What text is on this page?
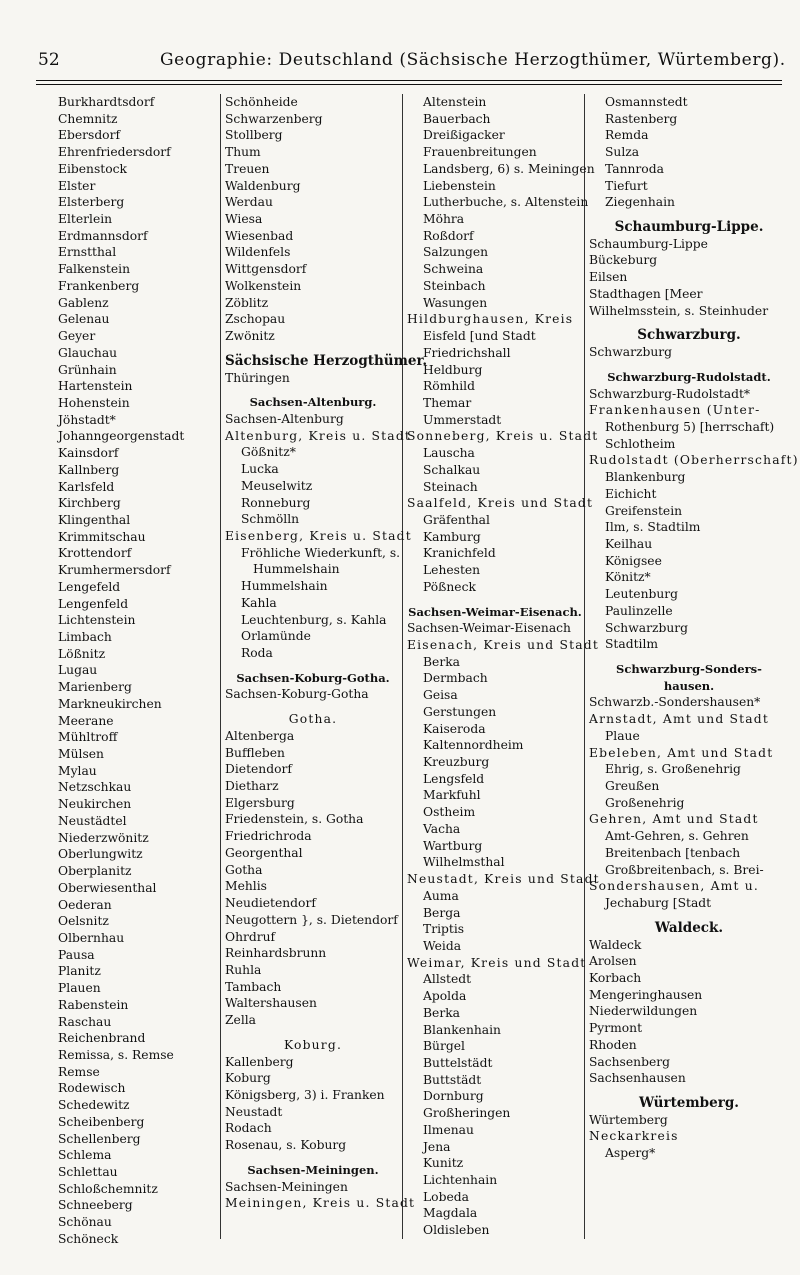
52	Geographie: Deutschland (Sächsische Herzogthümer, Würtemberg).
Burkhardtsdorf
Chemnitz
Ebersdorf
Ehrenfriedersdorf
Eibenstock
Elster
Elsterberg
Elterlein
Erdmannsdorf
Ernstthal
Falkenstein
Frankenberg
Gablenz
Gelenau
Geyer
Glauchau
Grünhain
Hartenstein
Hohenstein
Jöhstadt*
Johanngeorgenstadt
Kainsdorf
Kallnberg
Karlsfeld
Kirchberg
Klingenthal
Krimmitschau
Krottendorf
Krumhermersdorf
Lengefeld
Lengenfeld
Lichtenstein
Limbach
Lößnitz
Lugau
Marienberg
Markneukirchen
Meerane
Mühltroff
Mülsen
Mylau
Netzschkau
Neukirchen
Neustädtel
Niederzwönitz
Oberlungwitz
Oberplanitz
Oberwiesenthal
Oederan
Oelsnitz
Olbernhau
Pausa
Planitz
Plauen
Rabenstein
Raschau
Reichenbrand
Remissa, s. Remse
Remse
Rodewisch
Schedewitz
Scheibenberg
Schellenberg
Schlema
Schlettau
Schloßchemnitz
Schneeberg
Schönau
Schöneck
Schönheide
Schwarzenberg
Stollberg
Thum
Treuen
Waldenburg
Werdau
Wiesa
Wiesenbad
Wildenfels
Wittgensdorf
Wolkenstein
Zöblitz
Zschopau
Zwönitz
Sächsische Herzogthümer.
Thüringen
Sachsen-Altenburg.
Sachsen-Altenburg
Altenburg, Kreis u. Stadt
Gößnitz*
Lucka
Meuselwitz
Ronneburg
Schmölln
Eisenberg, Kreis u. Stadt
Fröhliche Wiederkunft, s.
Hummelshain
Hummelshain
Kahla
Leuchtenburg, s. Kahla
Orlamünde
Roda
Sachsen-Koburg-Gotha.
Sachsen-Koburg-Gotha
Gotha.
Altenberga
Buffleben
Dietendorf
Dietharz
Elgersburg
Friedenstein, s. Gotha
Friedrichroda
Georgenthal
Gotha
Mehlis
Neudietendorf
Neugottern }, s. Dietendorf
Ohrdruf
Reinhardsbrunn
Ruhla
Tambach
Waltershausen
Zella
Koburg.
Kallenberg
Koburg
Königsberg, 3) i. Franken
Neustadt
Rodach
Rosenau, s. Koburg
Sachsen-Meiningen.
Sachsen-Meiningen
Meiningen, Kreis u. Stadt
Altenstein
Bauerbach
Dreißigacker
Frauenbreitungen
Landsberg, 6) s. Meiningen
Liebenstein
Lutherbuche, s. Altenstein
Möhra
Roßdorf
Salzungen
Schweina
Steinbach
Wasungen
Hildburghausen, Kreis
Eisfeld [und Stadt
Friedrichshall
Heldburg
Römhild
Themar
Ummerstadt
Sonneberg, Kreis u. Stadt
Lauscha
Schalkau
Steinach
Saalfeld, Kreis und Stadt
Gräfenthal
Kamburg
Kranichfeld
Lehesten
Pößneck
Sachsen-Weimar-Eisenach.
Sachsen-Weimar-Eisenach
Eisenach, Kreis und Stadt
Berka
Dermbach
Geisa
Gerstungen
Kaiseroda
Kaltennordheim
Kreuzburg
Lengsfeld
Markfuhl
Ostheim
Vacha
Wartburg
Wilhelmsthal
Neustadt, Kreis und Stadt
Auma
Berga
Triptis
Weida
Weimar, Kreis und Stadt
Allstedt
Apolda
Berka
Blankenhain
Bürgel
Buttelstädt
Buttstädt
Dornburg
Großheringen
Ilmenau
Jena
Kunitz
Lichtenhain
Lobeda
Magdala
Oldisleben
Osmannstedt
Rastenberg
Remda
Sulza
Tannroda
Tiefurt
Ziegenhain
Schaumburg-Lippe.
Schaumburg-Lippe
Bückeburg
Eilsen
Stadthagen [Meer
Wilhelmsstein, s. Steinhuder
Schwarzburg.
Schwarzburg
Schwarzburg-Rudolstadt.
Schwarzburg-Rudolstadt*
Frankenhausen (Unter-
Rothenburg 5) [herrschaft)
Schlotheim
Rudolstadt (Oberherrschaft)
Blankenburg
Eichicht
Greifenstein
Ilm, s. Stadtilm
Keilhau
Königsee
Könitz*
Leutenburg
Paulinzelle
Schwarzburg
Stadtilm
Schwarzburg-Sonders-
hausen.
Schwarzb.-Sondershausen*
Arnstadt, Amt und Stadt
Plaue
Ebeleben, Amt und Stadt
Ehrig, s. Großenehrig
Greußen
Großenehrig
Gehren, Amt und Stadt
Amt-Gehren, s. Gehren
Breitenbach [tenbach
Großbreitenbach, s. Brei-
Sondershausen, Amt u.
Jechaburg [Stadt
Waldeck.
Waldeck
Arolsen
Korbach
Mengeringhausen
Niederwildungen
Pyrmont
Rhoden
Sachsenberg
Sachsenhausen
Würtemberg.
Würtemberg
Neckarkreis
Asperg*
